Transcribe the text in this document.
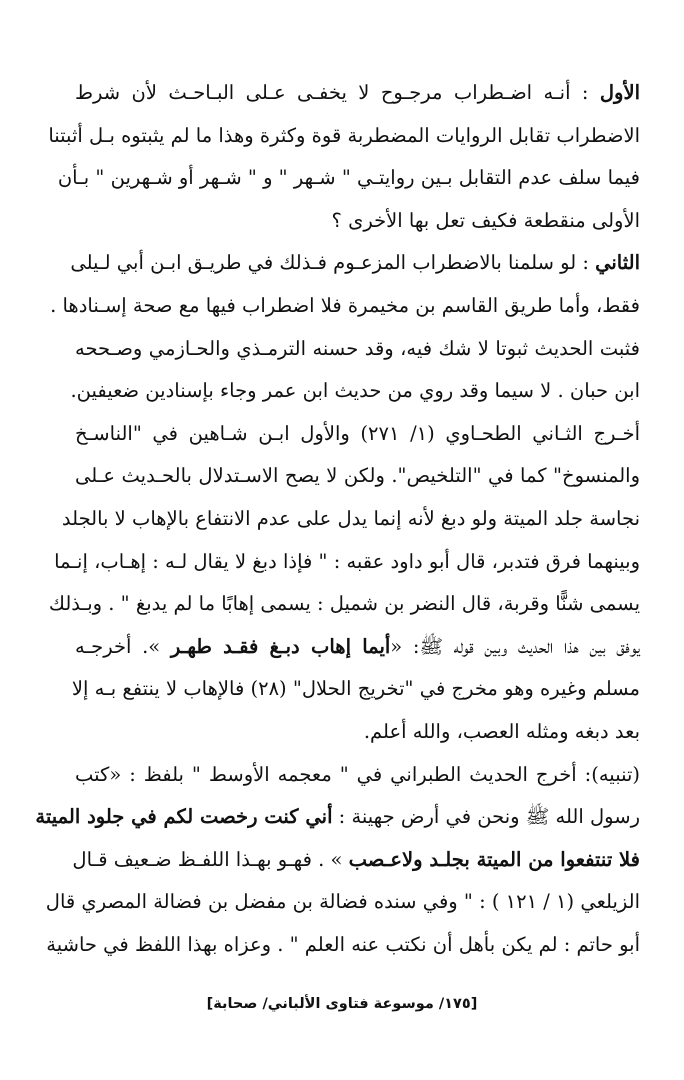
الأول : أنـه اضـطراب مرجـوح لا يخفـى عـلى البـاحـث لأن شرط
الاضطراب تقابل الروايات المضطربة قوة وكثرة وهذا ما لم يثبتوه بـل أثبتنا
فيما سلف عدم التقابل بـين روايتـي " شـهر " و " شـهر أو شـهرين " بـأن
الأولى منقطعة فكيف تعل بها الأخرى ؟
الثاني : لو سلمنا بالاضطراب المزعـوم فـذلك في طريـق ابـن أبي لـيلى
فقط، وأما طريق القاسم بن مخيمرة فلا اضطراب فيها مع صحة إسـنادها .
فثبت الحديث ثبوتا لا شك فيه، وقد حسنه الترمـذي والحـازمي وصـححه
ابن حبان . لا سيما وقد روي من حديث ابن عمر وجاء بإسنادين ضعيفين.
أخـرج الثـاني الطحـاوي (١/ ٢٧١) والأول ابـن شـاهين في "الناسـخ
والمنسوخ" كما في "التلخيص". ولكن لا يصح الاسـتدلال بالحـديث عـلى
نجاسة جلد الميتة ولو دبغ لأنه إنما يدل على عدم الانتفاع بالإهاب لا بالجلد
وبينهما فرق فتدبر، قال أبو داود عقبه : " فإذا دبغ لا يقال لـه : إهـاب، إنـما
يسمى شنًّا وقربة، قال النضر بن شميل : يسمى إهابًا ما لم يدبغ " . وبـذلك
يوفق بين هذا الحديث وبين قوله ﷺ: «أيما إهاب دبـغ فقـد طهـر ». أخرجـه
مسلم وغيره وهو مخرج في "تخريج الحلال" (٢٨) فالإهاب لا ينتفع بـه إلا
بعد دبغه ومثله العصب، والله أعلم.
(تنبيه): أخرج الحديث الطبراني في " معجمه الأوسط " بلفظ : «كتب
رسول الله ﷺ ونحن في أرض جهينة : أني كنت رخصت لكم في جلود الميتة
فلا تنتفعوا من الميتة بجلـد ولاعـصب » . فهـو بهـذا اللفـظ ضـعيف قـال
الزيلعي (١ / ١٢١ ) : " وفي سنده فضالة بن مفضل بن فضالة المصري قال
أبو حاتم : لم يكن بأهل أن نكتب عنه العلم " . وعزاه بهذا اللفظ في حاشية
[١٧٥/ موسوعة فتاوى الألباني/ صحابة]
